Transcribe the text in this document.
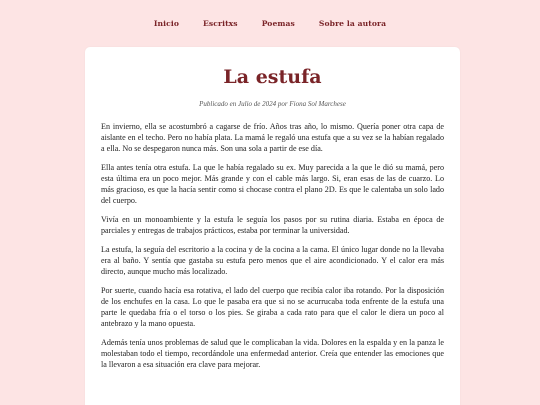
Inicio	Escritxs	Poemas	Sobre la autora
La estufa
Publicado en Julio de 2024 por Fiona Sol Marchese

En invierno, ella se acostumbró a cagarse de frío. Años tras año, lo mismo. Quería poner otra capa de aislante en el techo. Pero no había plata. La mamá le regaló una estufa que a su vez se la habían regalado a ella. No se despegaron nunca más. Son una sola a partir de ese día.

Ella antes tenía otra estufa. La que le había regalado su ex. Muy parecida a la que le dió su mamá, pero esta última era un poco mejor. Más grande y con el cable más largo. Si, eran esas de las de cuarzo. Lo más gracioso, es que la hacía sentir como si chocase contra el plano 2D. Es que le calentaba un solo lado del cuerpo.

Vivía en un monoambiente y la estufa le seguía los pasos por su rutina diaria. Estaba en época de parciales y entregas de trabajos prácticos, estaba por terminar la universidad.

La estufa, la seguía del escritorio a la cocina y de la cocina a la cama. El único lugar donde no la llevaba era al baño. Y sentía que gastaba su estufa pero menos que el aire acondicionado. Y el calor era más directo, aunque mucho más localizado.

Por suerte, cuando hacía esa rotativa, el lado del cuerpo que recibía calor iba rotando. Por la disposición de los enchufes en la casa. Lo que le pasaba era que si no se acurrucaba toda enfrente de la estufa una parte le quedaba fría o el torso o los pies. Se giraba a cada rato para que el calor le diera un poco al antebrazo y la mano opuesta.

Además tenía unos problemas de salud que le complicaban la vida. Dolores en la espalda y en la panza le molestaban todo el tiempo, recordándole una enfermedad anterior. Creía que entender las emociones que la llevaron a esa situación era clave para mejorar.
